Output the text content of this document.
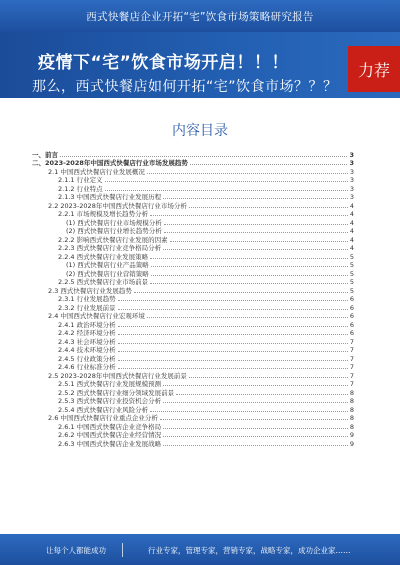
西式快餐店企业开拓“宅”饮食市场策略研究报告
疫情下“宅”饮食市场开启！！！
那么，西式快餐店如何开拓“宅”饮食市场？？？
力荐
内容目录
一、前言	3
二、2023-2028年中国西式快餐店行业市场发展趋势	3
2.1 中国西式快餐店行业发展概况	3
2.1.1 行业定义	3
2.1.2 行业特点	3
2.1.3 中国西式快餐店行业发展历程	3
2.2 2023-2028年中国西式快餐店行业市场分析	4
2.2.1 市场规模及增长趋势分析	4
(1) 西式快餐店行业市场规模分析	4
(2) 西式快餐店行业增长趋势分析	4
2.2.2 影响西式快餐店行业发展的因素	4
2.2.3 西式快餐店行业竞争格局分析	4
2.2.4 西式快餐店行业发展策略	5
(1) 西式快餐店行业产品策略	5
(2) 西式快餐店行业营销策略	5
2.2.5 西式快餐店行业市场前景	5
2.3 西式快餐店行业发展趋势	5
2.3.1 行业发展趋势	6
2.3.2 行业发展前景	6
2.4 中国西式快餐店行业宏观环境	6
2.4.1 政治环境分析	6
2.4.2 经济环境分析	6
2.4.3 社会环境分析	7
2.4.4 技术环境分析	7
2.4.5 行业政策分析	7
2.4.6 行业标准分析	7
2.5 2023-2028年中国西式快餐店行业发展前景	7
2.5.1 西式快餐店行业发展规模预测	7
2.5.2 西式快餐店行业细分领域发展前景	8
2.5.3 西式快餐店行业投资机会分析	8
2.5.4 西式快餐店行业风险分析	8
2.6 中国西式快餐店行业重点企业分析	8
2.6.1 中国西式快餐店企业竞争格局	8
2.6.2 中国西式快餐店企业经营情况	9
2.6.3 中国西式快餐店企业发展战略	9
让每个人都能成功	行业专家，管理专家，营销专家，战略专家，成功企业家……
